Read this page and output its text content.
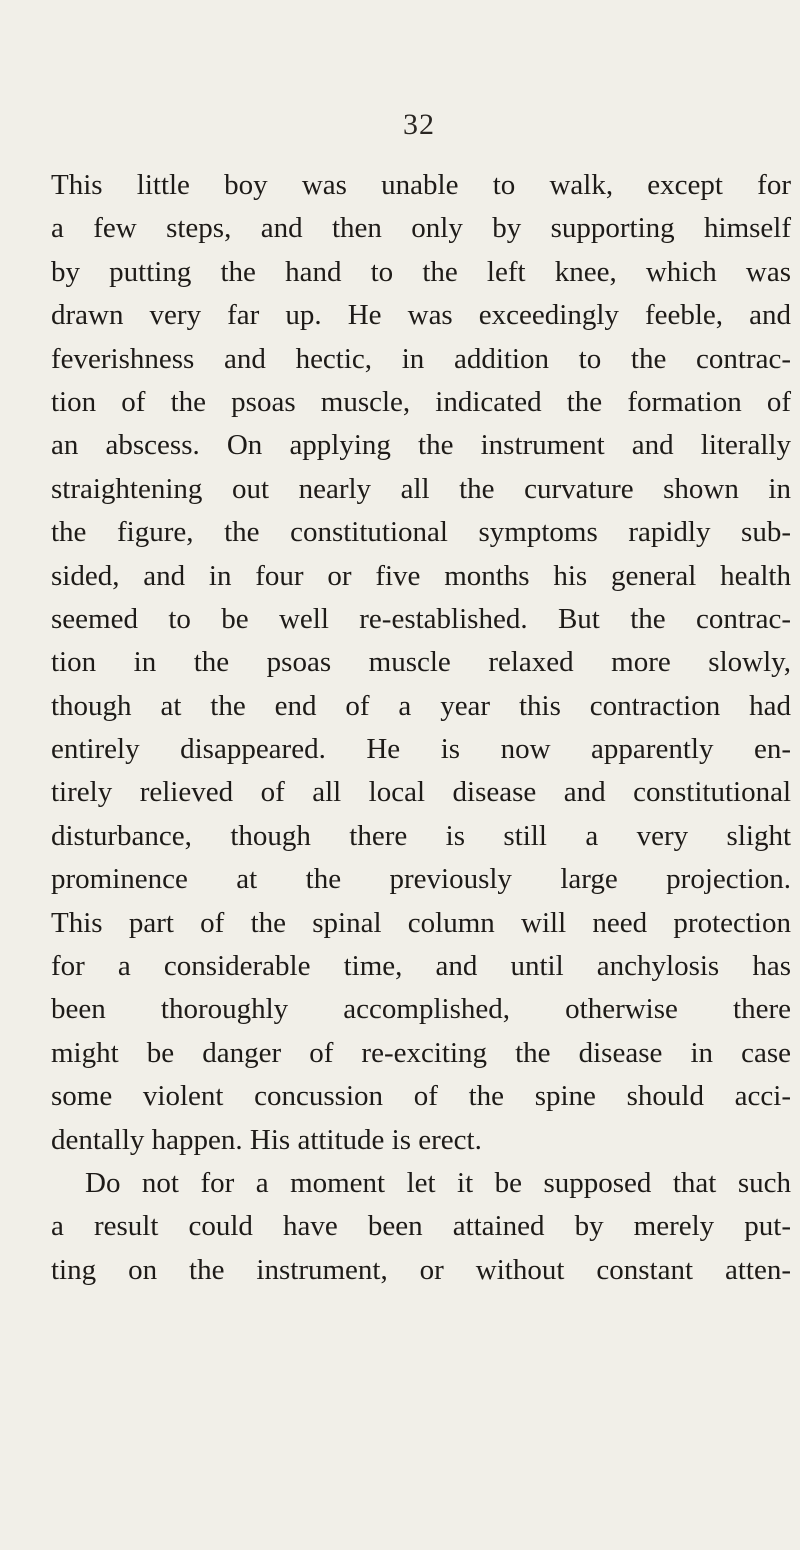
32
This little boy was unable to walk, except for
a few steps, and then only by supporting himself
by putting the hand to the left knee, which was
drawn very far up. He was exceedingly feeble, and
feverishness and hectic, in addition to the contrac-
tion of the psoas muscle, indicated the formation of
an abscess. On applying the instrument and literally
straightening out nearly all the curvature shown in
the figure, the constitutional symptoms rapidly sub-
sided, and in four or five months his general health
seemed to be well re-established. But the contrac-
tion in the psoas muscle relaxed more slowly,
though at the end of a year this contraction had
entirely disappeared. He is now apparently en-
tirely relieved of all local disease and constitutional
disturbance, though there is still a very slight
prominence at the previously large projection.
This part of the spinal column will need protection
for a considerable time, and until anchylosis has
been thoroughly accomplished, otherwise there
might be danger of re-exciting the disease in case
some violent concussion of the spine should acci-
dentally happen. His attitude is erect.
Do not for a moment let it be supposed that such
a result could have been attained by merely put-
ting on the instrument, or without constant atten-
